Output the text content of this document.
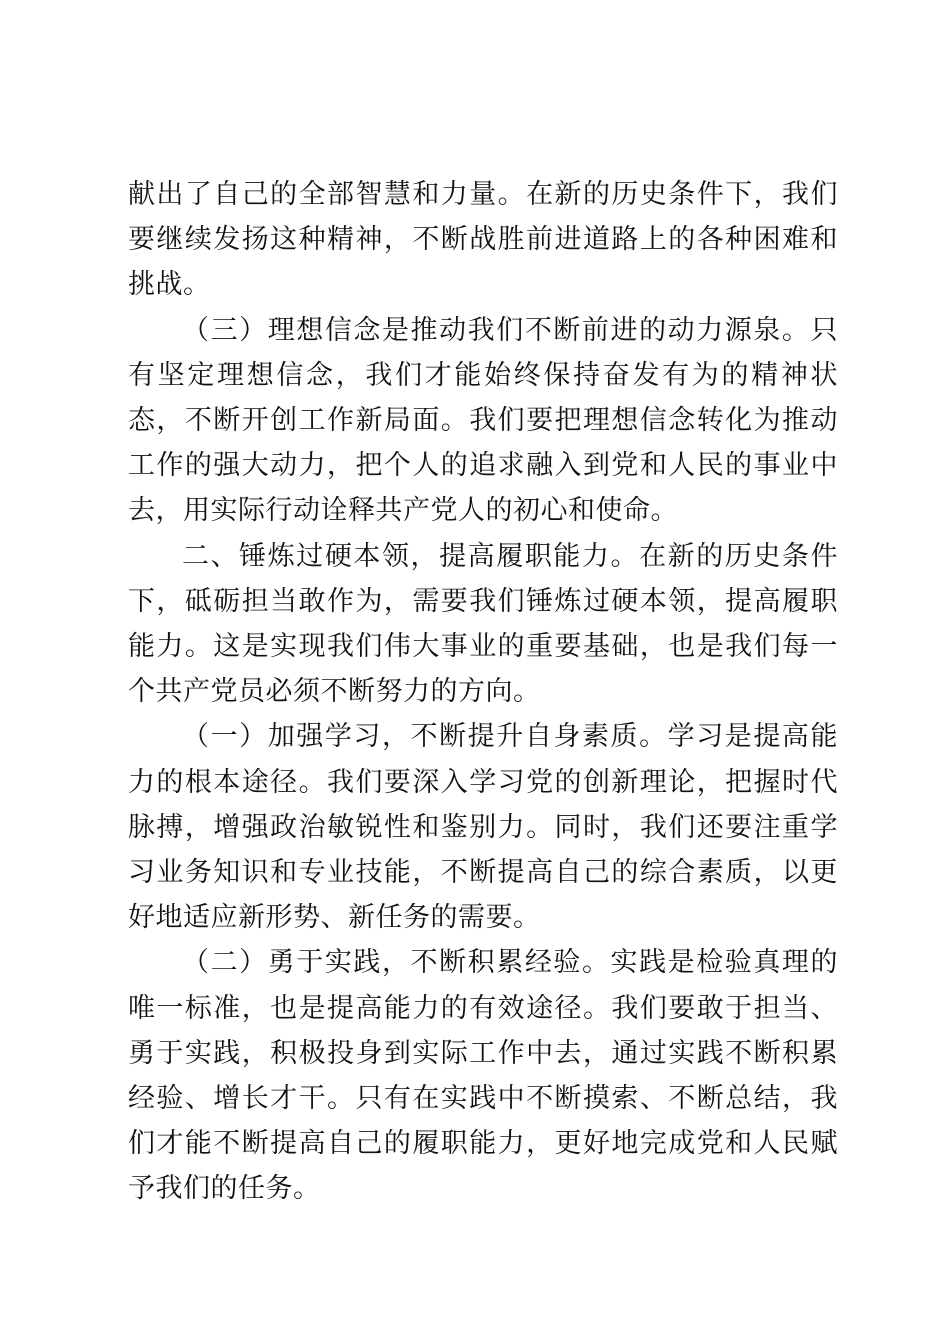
献出了自己的全部智慧和力量。在新的历史条件下，我们要继续发扬这种精神，不断战胜前进道路上的各种困难和挑战。

（三）理想信念是推动我们不断前进的动力源泉。只有坚定理想信念，我们才能始终保持奋发有为的精神状态，不断开创工作新局面。我们要把理想信念转化为推动工作的强大动力，把个人的追求融入到党和人民的事业中去，用实际行动诠释共产党人的初心和使命。

二、锤炼过硬本领，提高履职能力。在新的历史条件下，砥砺担当敢作为，需要我们锤炼过硬本领，提高履职能力。这是实现我们伟大事业的重要基础，也是我们每一个共产党员必须不断努力的方向。

（一）加强学习，不断提升自身素质。学习是提高能力的根本途径。我们要深入学习党的创新理论，把握时代脉搏，增强政治敏锐性和鉴别力。同时，我们还要注重学习业务知识和专业技能，不断提高自己的综合素质，以更好地适应新形势、新任务的需要。

（二）勇于实践，不断积累经验。实践是检验真理的唯一标准，也是提高能力的有效途径。我们要敢于担当、勇于实践，积极投身到实际工作中去，通过实践不断积累经验、增长才干。只有在实践中不断摸索、不断总结，我们才能不断提高自己的履职能力，更好地完成党和人民赋予我们的任务。
